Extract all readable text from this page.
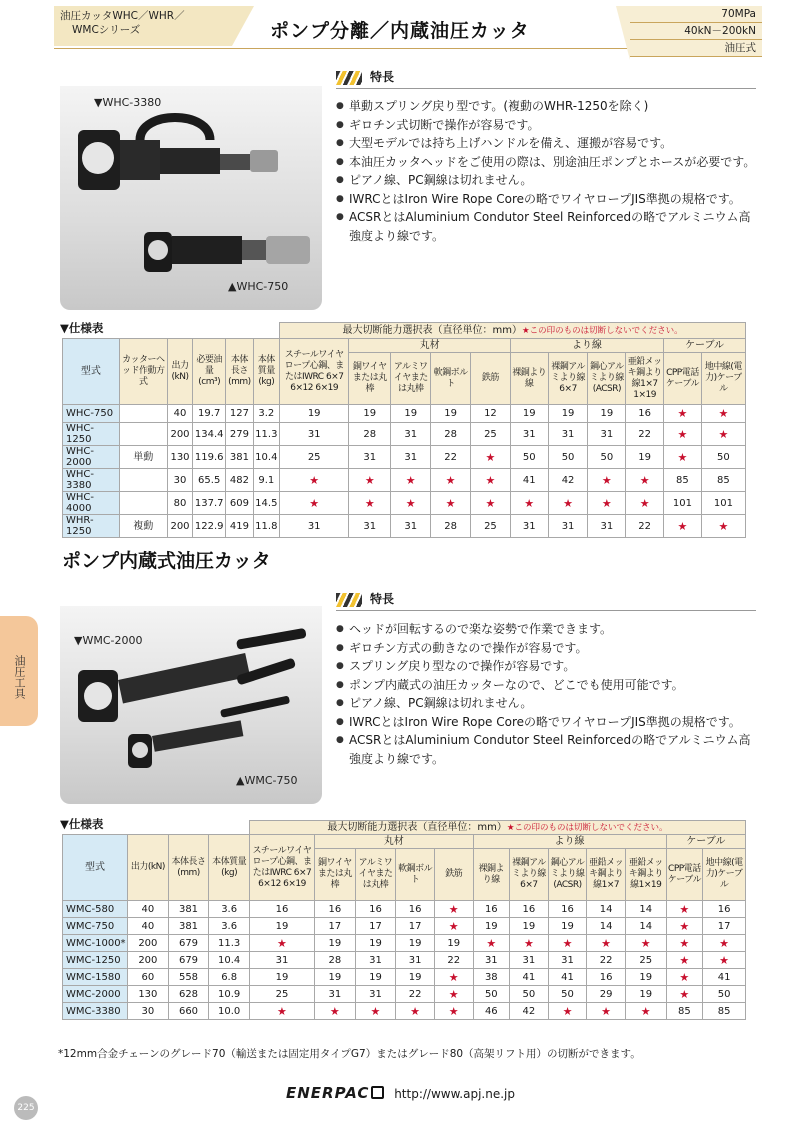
油圧カッタWHC／WHR／
WMCシリーズ	ポンプ分離／内蔵油圧カッタ
70MPa
40kN－200kN
油圧式
▼WHC-3380
▲WHC-750
特長
● 単動スプリング戻り型です。(複動のWHR-1250を除く)
● ギロチン式切断で操作が容易です。
● 大型モデルでは持ち上げハンドルを備え、運搬が容易です。
● 本油圧カッタヘッドをご使用の際は、別途油圧ポンプとホースが必要です。
● ピアノ線、PC鋼線は切れません。
● IWRCとはIron Wire Rope Coreの略でワイヤロープJIS準拠の規格です。
● ACSRとはAluminium Condutor Steel Reinforcedの略でアルミニウム高強度より線です。
▼仕様表
						最大切断能力選択表（直径単位：mm）★この印のものは切断しないでください。										
型式	カッターヘッド作動方式	出力(kN)	必要油量(cm³)	本体長さ(mm)	本体質量(kg)	スチールワイヤロープ心鋼、またはIWRC 6×7 6×12 6×19	丸材				より線				ケーブル	
							銅ワイヤまたは丸棒	アルミワイヤまたは丸棒	軟鋼ボルト	鉄筋	裸銅より線	裸鋼アルミより線6×7	鋼心アルミより線(ACSR)	亜鉛メッキ鋼より線1×7 1×19	CPP電話ケーブル	地中線(電力)ケーブル
WHC-750		40	19.7	127	3.2	19	19	19	19	12	19	19	19	16	★	★
WHC-1250		200	134.4	279	11.3	31	28	31	28	25	31	31	31	22	★	★
WHC-2000	単動	130	119.6	381	10.4	25	31	31	22	★	50	50	50	19	★	50
WHC-3380		30	65.5	482	9.1	★	★	★	★	★	41	42	★	★	85	85
WHC-4000		80	137.7	609	14.5	★	★	★	★	★	★	★	★	★	101	101
WHR-1250	複動	200	122.9	419	11.8	31	31	31	28	25	31	31	31	22	★	★
ポンプ内蔵式油圧カッタ
▼WMC-2000
▲WMC-750
油圧工具
特長
● ヘッドが回転するので楽な姿勢で作業できます。
● ギロチン方式の動きなので操作が容易です。
● スプリング戻り型なので操作が容易です。
● ポンプ内蔵式の油圧カッターなので、どこでも使用可能です。
● ピアノ線、PC鋼線は切れません。
● IWRCとはIron Wire Rope Coreの略でワイヤロープJIS準拠の規格です。
● ACSRとはAluminium Condutor Steel Reinforcedの略でアルミニウム高強度より線です。
▼仕様表
				最大切断能力選択表（直径単位：mm）★この印のものは切断しないでください。											
型式	出力(kN)	本体長さ(mm)	本体質量(kg)	スチールワイヤロープ心鋼、またはIWRC 6×7 6×12 6×19	丸材				より線					ケーブル	
					銅ワイヤまたは丸棒	アルミワイヤまたは丸棒	軟鋼ボルト	鉄筋	裸銅より線	裸鋼アルミより線6×7	鋼心アルミより線(ACSR)	亜鉛メッキ鋼より線1×7	亜鉛メッキ鋼より線1×19	CPP電話ケーブル	地中線(電力)ケーブル
WMC-580	40	381	3.6	16	16	16	16	★	16	16	16	14	14	★	16
WMC-750	40	381	3.6	19	17	17	17	★	19	19	19	14	14	★	17
WMC-1000*	200	679	11.3	★	19	19	19	19	★	★	★	★	★	★	★
WMC-1250	200	679	10.4	31	28	31	31	22	31	31	31	22	25	★	★
WMC-1580	60	558	6.8	19	19	19	19	★	38	41	41	16	19	★	41
WMC-2000	130	628	10.9	25	31	31	22	★	50	50	50	29	19	★	50
WMC-3380	30	660	10.0	★	★	★	★	★	46	42	★	★	★	85	85
*12mm合金チェーンのグレード70（輸送または固定用タイプG7）またはグレード80（高架リフト用）の切断ができます。
225
ENERPAC http://www.apj.ne.jp
